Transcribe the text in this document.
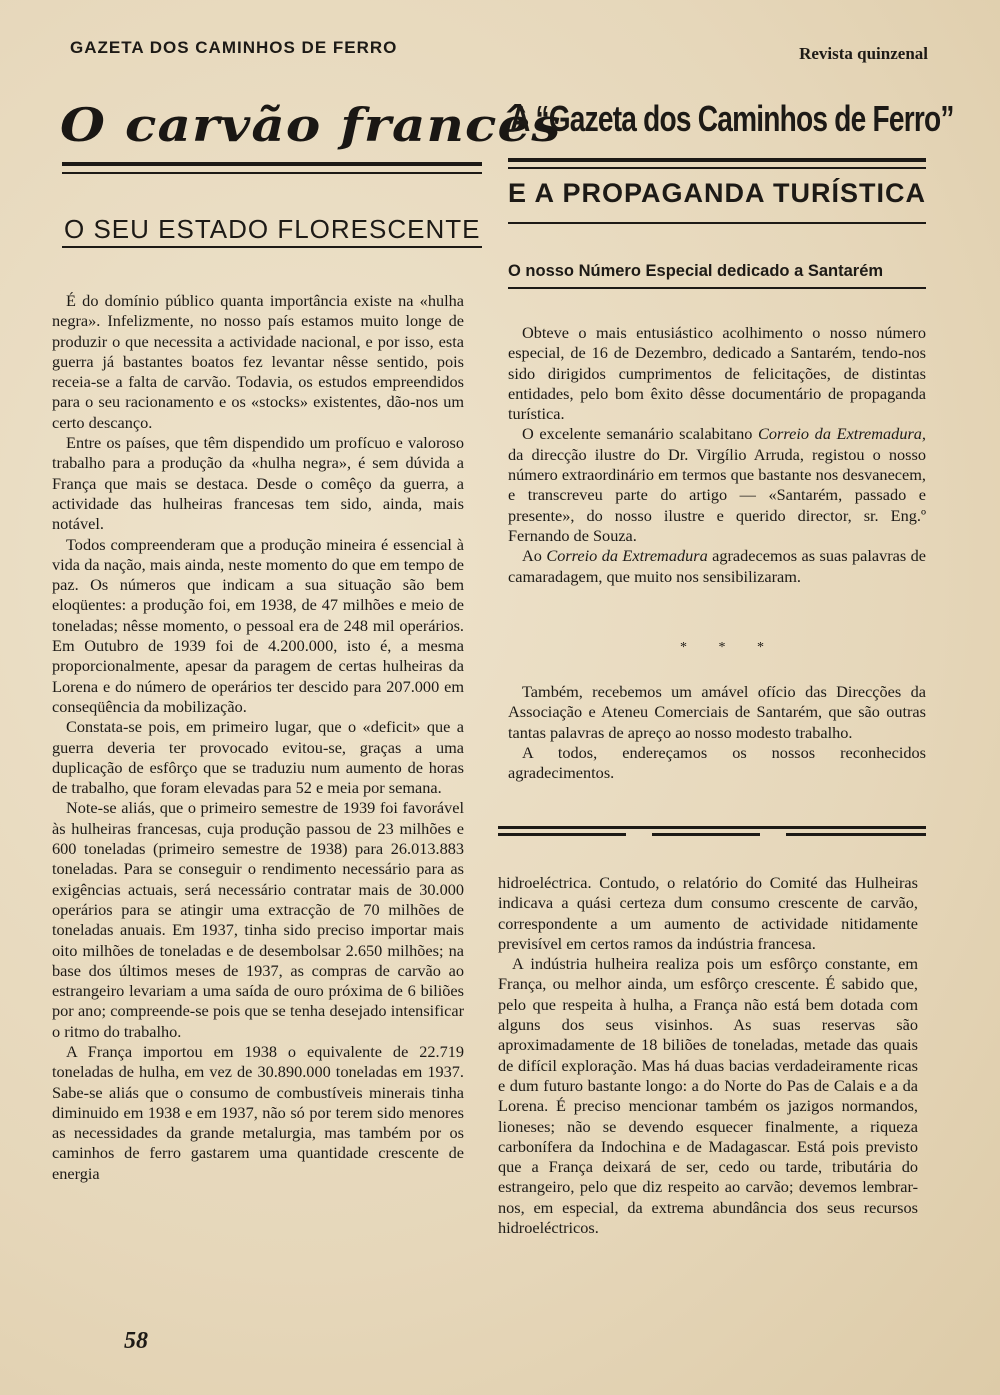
GAZETA DOS CAMINHOS DE FERRO	Revista quinzenal
O carvão francês
O SEU ESTADO FLORESCENTE
A “Gazeta dos Caminhos de Ferro”
E A PROPAGANDA TURÍSTICA
O nosso Número Especial dedicado a Santarém

É do domínio público quanta importância existe na «hulha negra». Infelizmente, no nosso país estamos muito longe de produzir o que necessita a actividade nacional, e por isso, esta guerra já bastantes boatos fez levantar nêsse sentido, pois receia-se a falta de carvão. Todavia, os estudos empreendidos para o seu racionamento e os «stocks» existentes, dão-nos um certo descanço.

Entre os países, que têm dispendido um profícuo e valoroso trabalho para a produção da «hulha negra», é sem dúvida a França que mais se destaca. Desde o comêço da guerra, a actividade das hulheiras francesas tem sido, ainda, mais notável.

Todos compreenderam que a produção mineira é essencial à vida da nação, mais ainda, neste momento do que em tempo de paz. Os números que indicam a sua situação são bem eloqüentes: a produção foi, em 1938, de 47 milhões e meio de toneladas; nêsse momento, o pessoal era de 248 mil operários. Em Outubro de 1939 foi de 4.200.000, isto é, a mesma proporcionalmente, apesar da paragem de certas hulheiras da Lorena e do número de operários ter descido para 207.000 em conseqüência da mobilização.

Constata-se pois, em primeiro lugar, que o «deficit» que a guerra deveria ter provocado evitou-se, graças a uma duplicação de esfôrço que se traduziu num aumento de horas de trabalho, que foram elevadas para 52 e meia por semana.

Note-se aliás, que o primeiro semestre de 1939 foi favorável às hulheiras francesas, cuja produção passou de 23 milhões e 600 toneladas (primeiro semestre de 1938) para 26.013.883 toneladas. Para se conseguir o rendimento necessário para as exigências actuais, será necessário contratar mais de 30.000 operários para se atingir uma extracção de 70 milhões de toneladas anuais. Em 1937, tinha sido preciso importar mais oito milhões de toneladas e de desembolsar 2.650 milhões; na base dos últimos meses de 1937, as compras de carvão ao estrangeiro levariam a uma saída de ouro próxima de 6 biliões por ano; compreende-se pois que se tenha desejado intensificar o ritmo do trabalho.

A França importou em 1938 o equivalente de 22.719 toneladas de hulha, em vez de 30.890.000 toneladas em 1937. Sabe-se aliás que o consumo de combustíveis minerais tinha diminuido em 1938 e em 1937, não só por terem sido menores as necessidades da grande metalurgia, mas também por os caminhos de ferro gastarem uma quantidade crescente de energia

Obteve o mais entusiástico acolhimento o nosso número especial, de 16 de Dezembro, dedicado a Santarém, tendo-nos sido dirigidos cumprimentos de felicitações, de distintas entidades, pelo bom êxito dêsse documentário de propaganda turística.

O excelente semanário scalabitano Correio da Extremadura, da direcção ilustre do Dr. Virgílio Arruda, registou o nosso número extraordinário em termos que bastante nos desvanecem, e transcreveu parte do artigo — «Santarém, passado e presente», do nosso ilustre e querido director, sr. Eng.º Fernando de Souza.

Ao Correio da Extremadura agradecemos as suas palavras de camaradagem, que muito nos sensibilizaram.

* * *

Também, recebemos um amável ofício das Direcções da Associação e Ateneu Comerciais de Santarém, que são outras tantas palavras de apreço ao nosso modesto trabalho.

A todos, endereçamos os nossos reconhecidos agradecimentos.

hidroeléctrica. Contudo, o relatório do Comité das Hulheiras indicava a quási certeza dum consumo crescente de carvão, correspondente a um aumento de actividade nitidamente previsível em certos ramos da indústria francesa.

A indústria hulheira realiza pois um esfôrço constante, em França, ou melhor ainda, um esfôrço crescente. É sabido que, pelo que respeita à hulha, a França não está bem dotada com alguns dos seus visinhos. As suas reservas são aproximadamente de 18 biliões de toneladas, metade das quais de difícil exploração. Mas há duas bacias verdadeiramente ricas e dum futuro bastante longo: a do Norte do Pas de Calais e a da Lorena. É preciso mencionar também os jazigos normandos, lioneses; não se devendo esquecer finalmente, a riqueza carbonífera da Indochina e de Madagascar. Está pois previsto que a França deixará de ser, cedo ou tarde, tributária do estrangeiro, pelo que diz respeito ao carvão; devemos lembrar-nos, em especial, da extrema abundância dos seus recursos hidroeléctricos.

58
